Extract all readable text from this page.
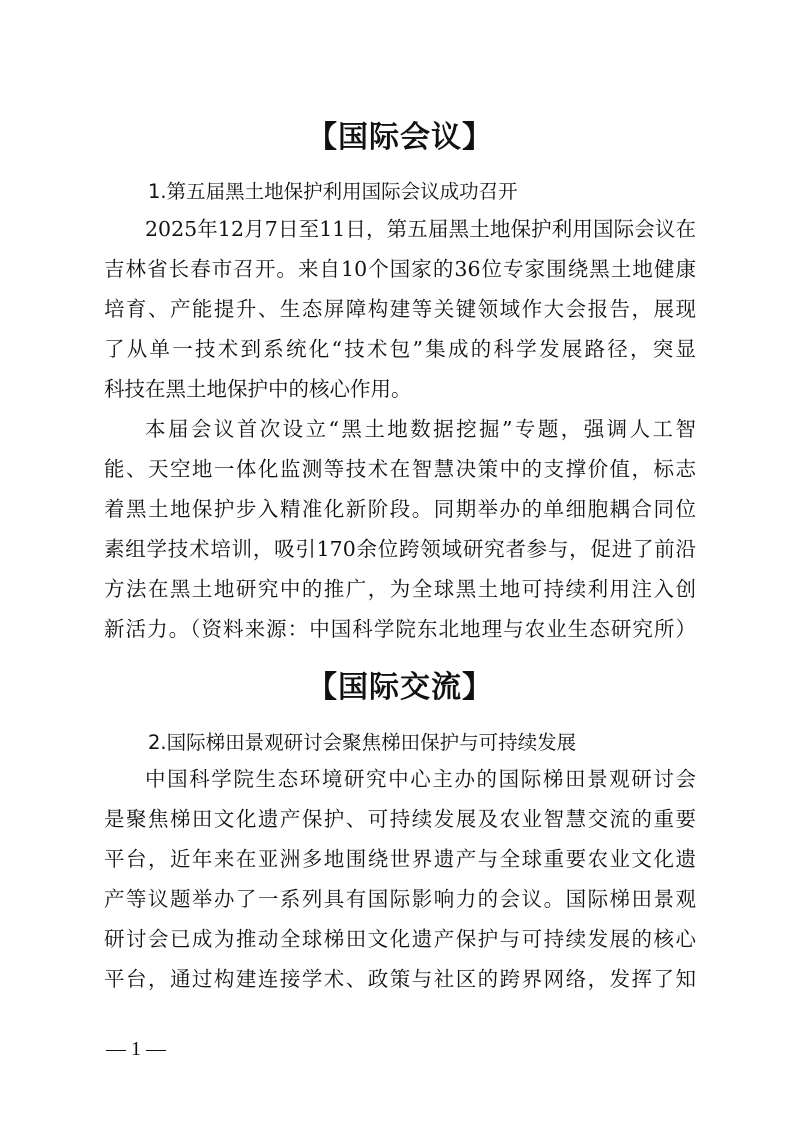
【国际会议】
1.第五届黑土地保护利用国际会议成功召开
2025年12月7日至11日，第五届黑土地保护利用国际会议在
吉林省长春市召开。来自10个国家的36位专家围绕黑土地健康
培育、产能提升、生态屏障构建等关键领域作大会报告，展现
了从单一技术到系统化“技术包”集成的科学发展路径，突显
科技在黑土地保护中的核心作用。
本届会议首次设立“黑土地数据挖掘”专题，强调人工智
能、天空地一体化监测等技术在智慧决策中的支撑价值，标志
着黑土地保护步入精准化新阶段。同期举办的单细胞耦合同位
素组学技术培训，吸引170余位跨领域研究者参与，促进了前沿
方法在黑土地研究中的推广，为全球黑土地可持续利用注入创
新活力。（资料来源：中国科学院东北地理与农业生态研究所）
【国际交流】
2.国际梯田景观研讨会聚焦梯田保护与可持续发展
中国科学院生态环境研究中心主办的国际梯田景观研讨会
是聚焦梯田文化遗产保护、可持续发展及农业智慧交流的重要
平台，近年来在亚洲多地围绕世界遗产与全球重要农业文化遗
产等议题举办了一系列具有国际影响力的会议。国际梯田景观
研讨会已成为推动全球梯田文化遗产保护与可持续发展的核心
平台，通过构建连接学术、政策与社区的跨界网络，发挥了知
— 1 —
